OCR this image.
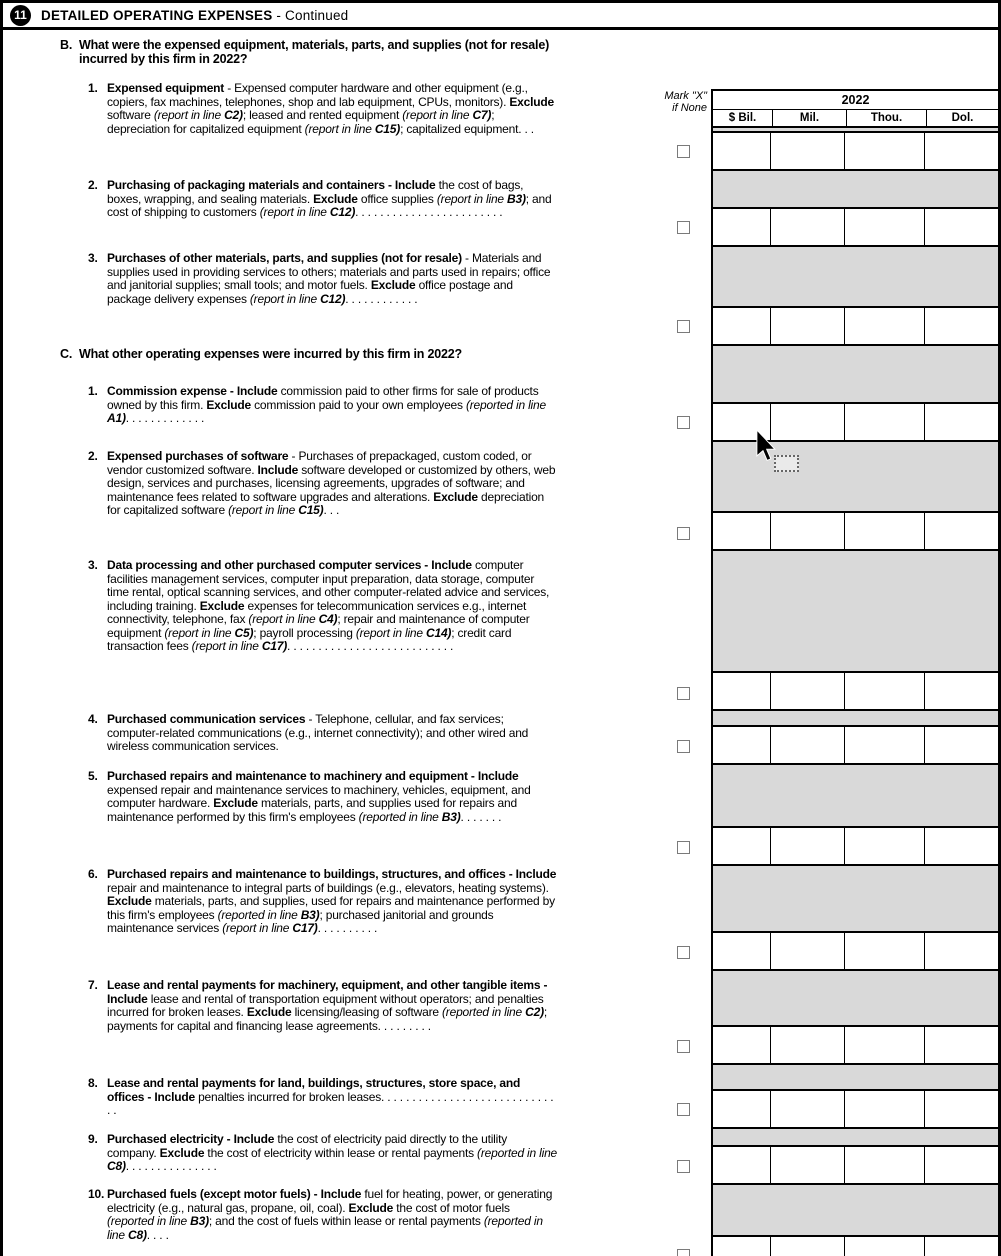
11	DETAILED OPERATING EXPENSES - Continued
Mark "X"
if None
2022
$ Bil.	Mil.	Thou.	Dol.
B. What were the expensed equipment, materials, parts, and supplies (not for resale) incurred by this firm in 2022?
1. Expensed equipment - Expensed computer hardware and other equipment (e.g., copiers, fax machines, telephones, shop and lab equipment, CPUs, monitors). Exclude software (report in line C2); leased and rented equipment (report in line C7); depreciation for capitalized equipment (report in line C15); capitalized equipment. . .
2. Purchasing of packaging materials and containers - Include the cost of bags, boxes, wrapping, and sealing materials. Exclude office supplies (report in line B3); and cost of shipping to customers (report in line C12). . . . . . . . . . . . . . . . . . . . . . . .
3. Purchases of other materials, parts, and supplies (not for resale) - Materials and supplies used in providing services to others; materials and parts used in repairs; office and janitorial supplies; small tools; and motor fuels. Exclude office postage and package delivery expenses (report in line C12). . . . . . . . . . . .
C. What other operating expenses were incurred by this firm in 2022?
1. Commission expense - Include commission paid to other firms for sale of products owned by this firm. Exclude commission paid to your own employees (reported in line A1). . . . . . . . . . . . .
2. Expensed purchases of software - Purchases of prepackaged, custom coded, or vendor customized software. Include software developed or customized by others, web design, services and purchases, licensing agreements, upgrades of software; and maintenance fees related to software upgrades and alterations. Exclude depreciation for capitalized software (report in line C15). . .
3. Data processing and other purchased computer services - Include computer facilities management services, computer input preparation, data storage, computer time rental, optical scanning services, and other computer-related advice and services, including training. Exclude expenses for telecommunication services e.g., internet connectivity, telephone, fax (report in line C4); repair and maintenance of computer equipment (report in line C5); payroll processing (report in line C14); credit card transaction fees (report in line C17). . . . . . . . . . . . . . . . . . . . . . . . . . .
4. Purchased communication services - Telephone, cellular, and fax services; computer-related communications (e.g., internet connectivity); and other wired and wireless communication services.
5. Purchased repairs and maintenance to machinery and equipment - Include expensed repair and maintenance services to machinery, vehicles, equipment, and computer hardware. Exclude materials, parts, and supplies used for repairs and maintenance performed by this firm's employees (reported in line B3). . . . . . .
6. Purchased repairs and maintenance to buildings, structures, and offices - Include repair and maintenance to integral parts of buildings (e.g., elevators, heating systems). Exclude materials, parts, and supplies, used for repairs and maintenance performed by this firm's employees (reported in line B3); purchased janitorial and grounds maintenance services (report in line C17). . . . . . . . . .
7. Lease and rental payments for machinery, equipment, and other tangible items - Include lease and rental of transportation equipment without operators; and penalties incurred for broken leases. Exclude licensing/leasing of software (reported in line C2); payments for capital and financing lease agreements. . . . . . . . .
8. Lease and rental payments for land, buildings, structures, store space, and offices - Include penalties incurred for broken leases. . . . . . . . . . . . . . . . . . . . . . . . . . . . . .
9. Purchased electricity - Include the cost of electricity paid directly to the utility company. Exclude the cost of electricity within lease or rental payments (reported in line C8). . . . . . . . . . . . . . .
10. Purchased fuels (except motor fuels) - Include fuel for heating, power, or generating electricity (e.g., natural gas, propane, oil, coal). Exclude the cost of motor fuels (reported in line B3); and the cost of fuels within lease or rental payments (reported in line C8). . . .
